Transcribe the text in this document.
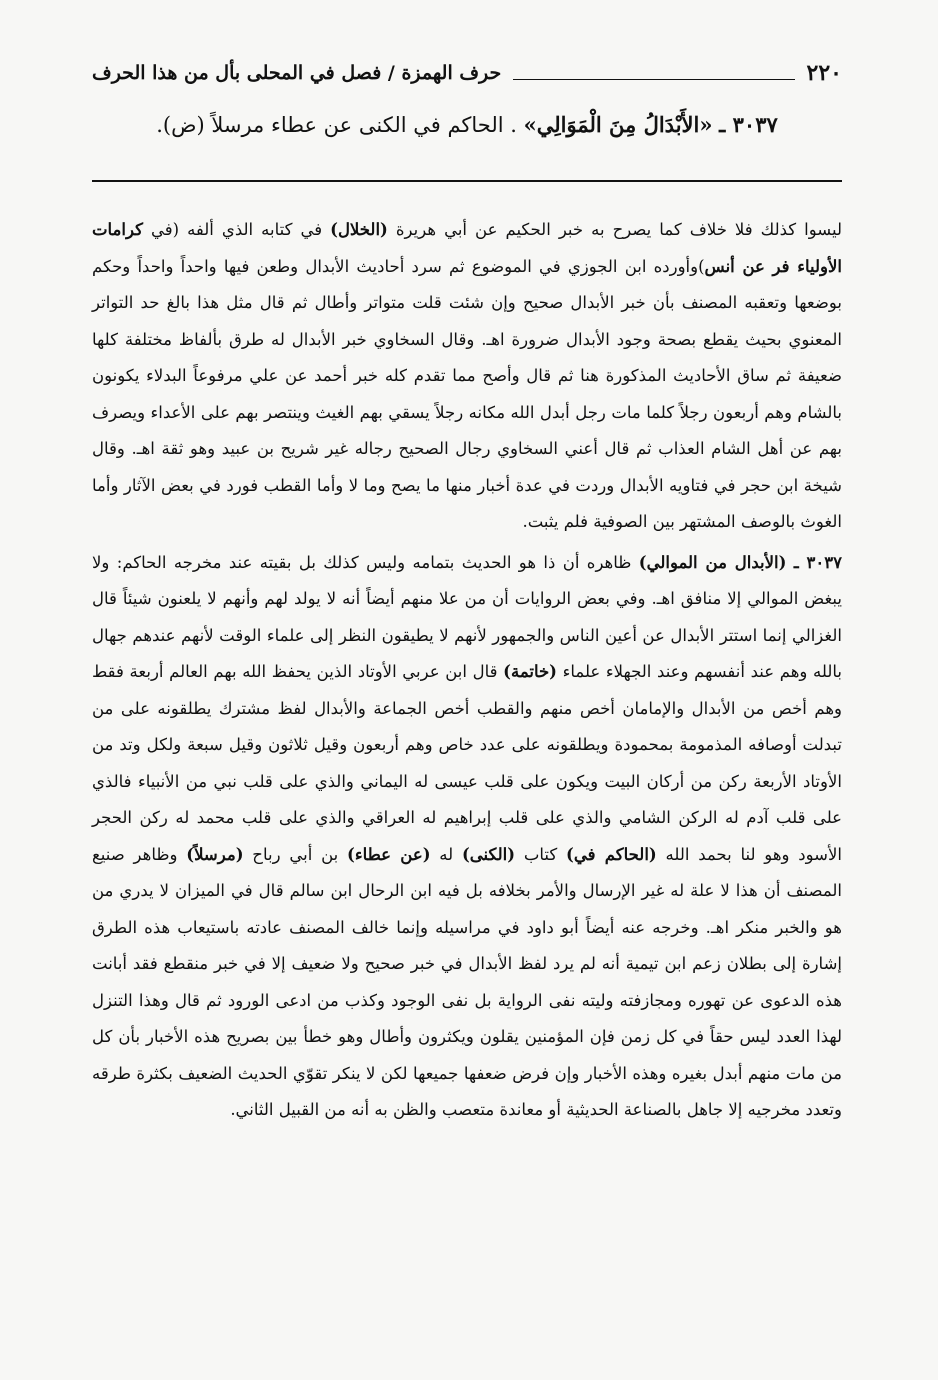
٢٢٠
حرف الهمزة / فصل في المحلى بأل من هذا الحرف
٣٠٣٧ ـ «الأَبْدَالُ مِنَ الْمَوَالِي» . الحاكم في الكنى عن عطاء مرسلاً (ض).

ليسوا كذلك فلا خلاف كما يصرح به خبر الحكيم عن أبي هريرة (الخلال) في كتابه الذي ألفه (في كرامات الأولياء فر عن أنس)وأورده ابن الجوزي في الموضوع ثم سرد أحاديث الأبدال وطعن فيها واحداً واحداً وحكم بوضعها وتعقبه المصنف بأن خبر الأبدال صحيح وإن شئت قلت متواتر وأطال ثم قال مثل هذا بالغ حد التواتر المعنوي بحيث يقطع بصحة وجود الأبدال ضرورة اهـ. وقال السخاوي خبر الأبدال له طرق بألفاظ مختلفة كلها ضعيفة ثم ساق الأحاديث المذكورة هنا ثم قال وأصح مما تقدم كله خبر أحمد عن علي مرفوعاً البدلاء يكونون بالشام وهم أربعون رجلاً كلما مات رجل أبدل الله مكانه رجلاً يسقي بهم الغيث وينتصر بهم على الأعداء ويصرف بهم عن أهل الشام العذاب ثم قال أعني السخاوي رجال الصحيح رجاله غير شريح بن عبيد وهو ثقة اهـ. وقال شيخة ابن حجر في فتاويه الأبدال وردت في عدة أخبار منها ما يصح وما لا وأما القطب فورد في بعض الآثار وأما الغوث بالوصف المشتهر بين الصوفية فلم يثبت.

٣٠٣٧ ـ (الأبدال من الموالي) ظاهره أن ذا هو الحديث بتمامه وليس كذلك بل بقيته عند مخرجه الحاكم: ولا يبغض الموالي إلا منافق اهـ. وفي بعض الروايات أن من علا منهم أيضاً أنه لا يولد لهم وأنهم لا يلعنون شيئاً قال الغزالي إنما استتر الأبدال عن أعين الناس والجمهور لأنهم لا يطيقون النظر إلى علماء الوقت لأنهم عندهم جهال بالله وهم عند أنفسهم وعند الجهلاء علماء (خاتمة) قال ابن عربي الأوتاد الذين يحفظ الله بهم العالم أربعة فقط وهم أخص من الأبدال والإمامان أخص منهم والقطب أخص الجماعة والأبدال لفظ مشترك يطلقونه على من تبدلت أوصافه المذمومة بمحمودة ويطلقونه على عدد خاص وهم أربعون وقيل ثلاثون وقيل سبعة ولكل وتد من الأوتاد الأربعة ركن من أركان البيت ويكون على قلب عيسى له اليماني والذي على قلب نبي من الأنبياء فالذي على قلب آدم له الركن الشامي والذي على قلب إبراهيم له العراقي والذي على قلب محمد له ركن الحجر الأسود وهو لنا بحمد الله (الحاكم في) كتاب (الكنى) له (عن عطاء) بن أبي رباح (مرسلاً) وظاهر صنيع المصنف أن هذا لا علة له غير الإرسال والأمر بخلافه بل فيه ابن الرحال ابن سالم قال في الميزان لا يدري من هو والخبر منكر اهـ. وخرجه عنه أيضاً أبو داود في مراسيله وإنما خالف المصنف عادته باستيعاب هذه الطرق إشارة إلى بطلان زعم ابن تيمية أنه لم يرد لفظ الأبدال في خبر صحيح ولا ضعيف إلا في خبر منقطع فقد أبانت هذه الدعوى عن تهوره ومجازفته وليته نفى الرواية بل نفى الوجود وكذب من ادعى الورود ثم قال وهذا التنزل لهذا العدد ليس حقاً في كل زمن فإن المؤمنين يقلون ويكثرون وأطال وهو خطأ بين بصريح هذه الأخبار بأن كل من مات منهم أبدل بغيره وهذه الأخبار وإن فرض ضعفها جميعها لكن لا ينكر تقوّي الحديث الضعيف بكثرة طرقه وتعدد مخرجيه إلا جاهل بالصناعة الحديثية أو معاندة متعصب والظن به أنه من القبيل الثاني.
